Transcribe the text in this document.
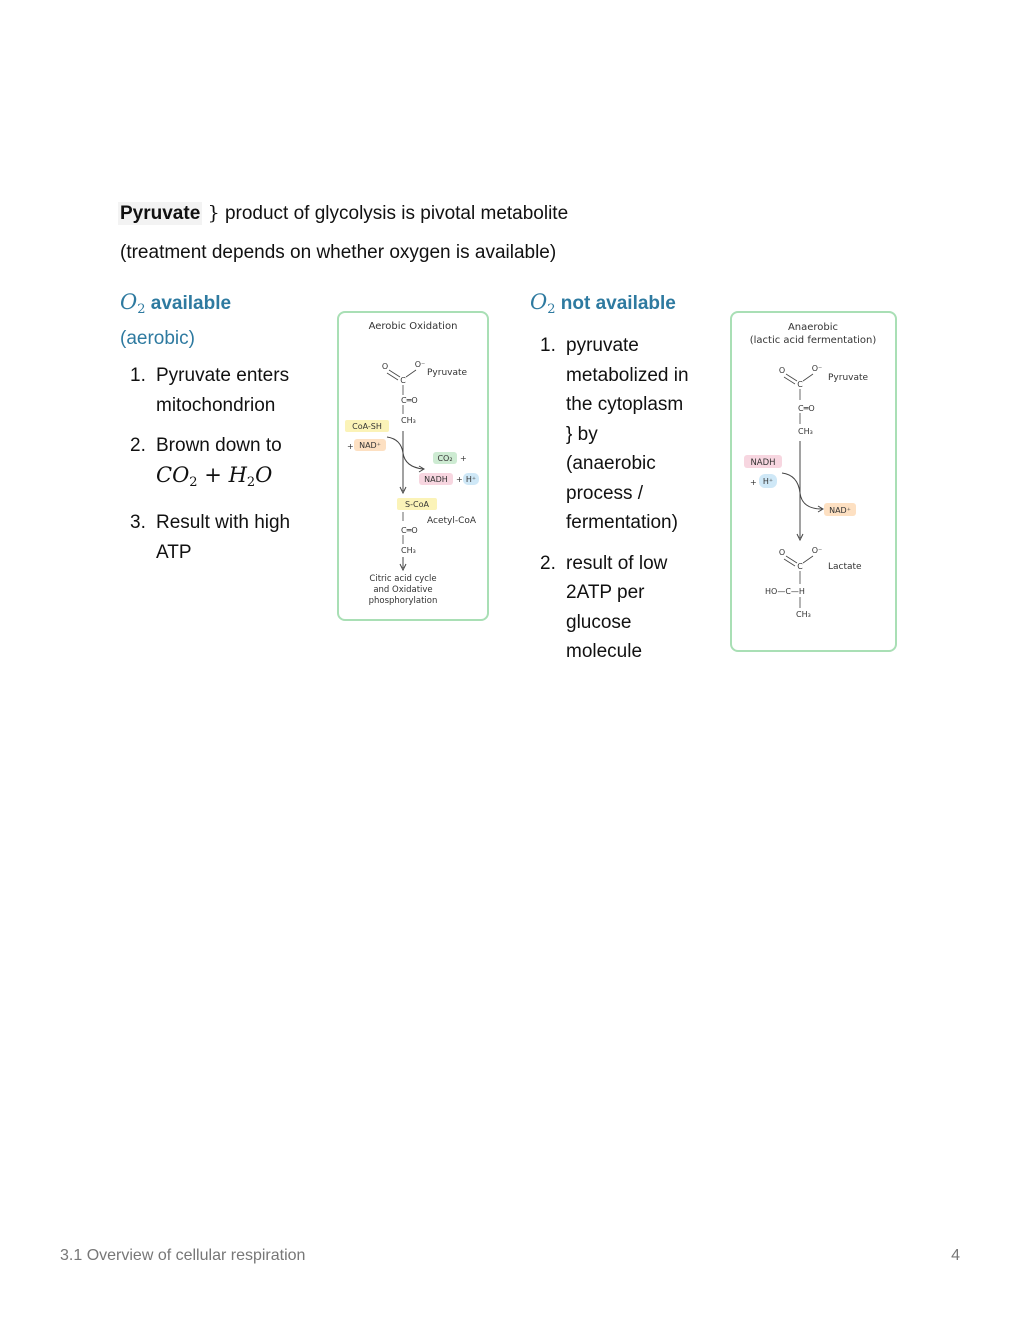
Pyruvate } product of glycolysis is pivotal metabolite
(treatment depends on whether oxygen is available)
$O_2$ available
(aerobic)
1. Pyruvate enters mitochondrion
2. Brown down to
$CO_2 + H_2O$
3. Result with high ATP
Aerobic Oxidation
O	O⁻
Pyruvate
C
C═O
CH₃
CoA-SH
+ NAD⁺
CO₂ +
NADH + H⁺
S-CoA
Acetyl-CoA
C═O
CH₃
Citric acid cycle
and Oxidative
phosphorylation
$O_2$ not available
1. pyruvate metabolized in the cytoplasm } by (anaerobic process / fermentation)
2. result of low 2ATP per glucose molecule
Anaerobic
(lactic acid fermentation)
O	O⁻
Pyruvate
C
C═O
CH₃
NADH
+ H⁺
NAD⁺
O	O⁻
Lactate
C
HO—C—H
CH₃
3.1 Overview of cellular respiration	4
